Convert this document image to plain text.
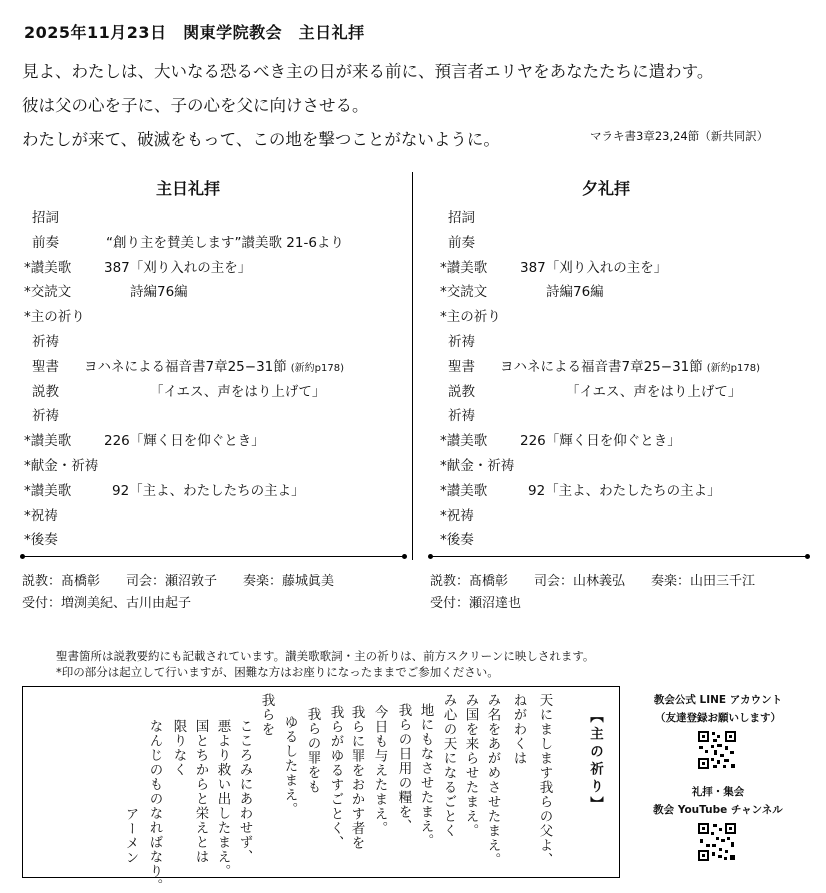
2025年11月23日　関東学院教会　主日礼拝
見よ、わたしは、大いなる恐るべき主の日が来る前に、預言者エリヤをあなたたちに遣わす。
彼は父の心を子に、子の心を父に向けさせる。
わたしが来て、破滅をもって、この地を撃つことがないように。	マラキ書3章23,24節（新共同訳）
主日礼拝	夕礼拝
招詞
前奏	“創り主を賛美します”讃美歌 21-6より
*讃美歌 387「刈り入れの主を」
*交読文	詩編76編
*主の祈り
祈祷
聖書 ヨハネによる福音書7章25−31節 (新約p178)
説教	「イエス、声をはり上げて」
祈祷
*讃美歌 226「輝く日を仰ぐとき」
*献金・祈祷
*讃美歌	92「主よ、わたしたちの主よ」
*祝祷
*後奏
招詞
前奏
*讃美歌 387「刈り入れの主を」
*交読文	詩編76編
*主の祈り
祈祷
聖書 ヨハネによる福音書7章25−31節 (新約p178)
説教	「イエス、声をはり上げて」
祈祷
*讃美歌 226「輝く日を仰ぐとき」
*献金・祈祷
*讃美歌	92「主よ、わたしたちの主よ」
*祝祷
*後奏
説教：髙橋彰　　司会：瀬沼敦子　　奏楽：藤城眞美
受付：増渕美紀、古川由起子
説教：髙橋彰　　司会：山林義弘　　奏楽：山田三千江
受付：瀬沼達也
聖書箇所は説教要約にも記載されています。讃美歌歌詞・主の祈りは、前方スクリーンに映しされます。
*印の部分は起立して行いますが、困難な方はお座りになったままでご参加ください。
【主の祈り】
天にまします我らの父よ、
ねがわくは
み名をあがめさせたまえ。
み国を来らせたまえ。
み心の天になるごとく
地にもなさせたまえ。
我らの日用の糧を、
今日も与えたまえ。
我らに罪をおかす者を
我らがゆるすごとく、
我らの罪をも
ゆるしたまえ。
我らを
こころみにあわせず、
悪より救い出したまえ。
国とちからと栄えとは
限りなく
なんじのものなればなり。
アーメン
教会公式 LINE アカウント
（友達登録お願いします）
礼拝・集会
教会 YouTube チャンネル
